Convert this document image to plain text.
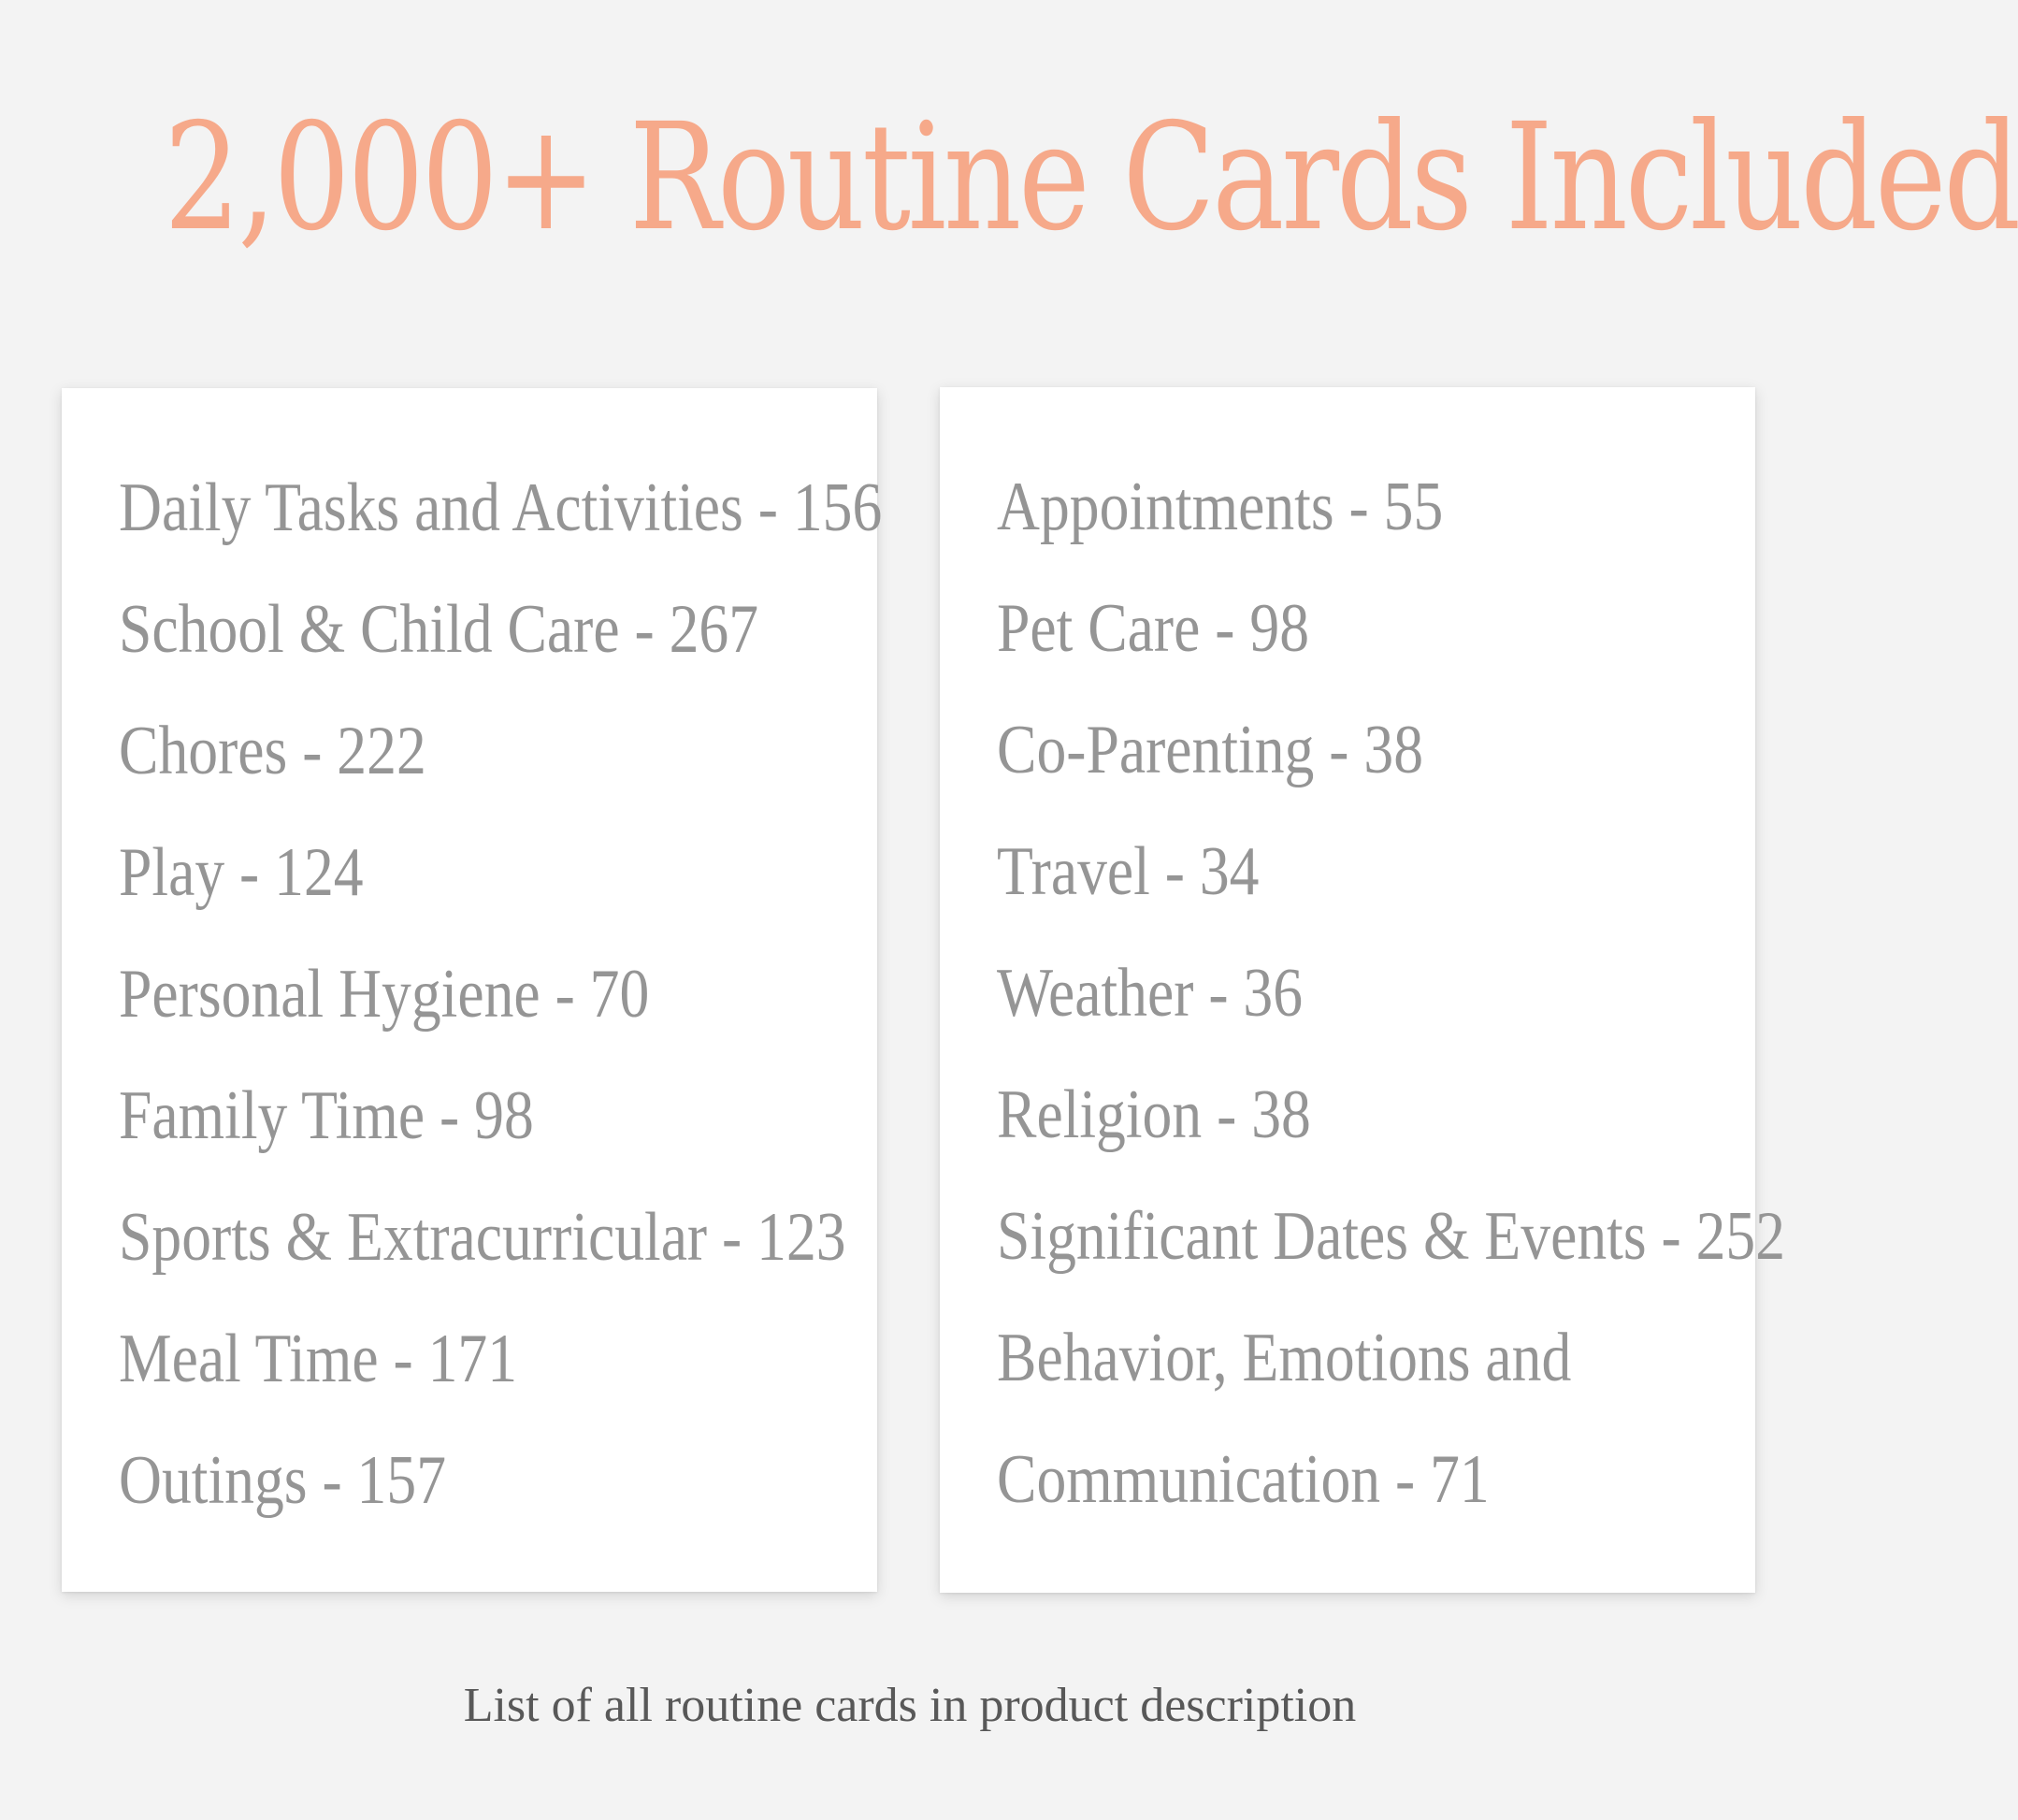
2,000+ Routine Cards Included
Daily Tasks and Activities - 156
School & Child Care - 267
Chores - 222
Play - 124
Personal Hygiene - 70
Family Time - 98
Sports & Extracurricular - 123
Meal Time - 171
Outings - 157
Appointments - 55
Pet Care - 98
Co-Parenting - 38
Travel - 34
Weather - 36
Religion - 38
Significant Dates & Events - 252
Behavior, Emotions and
Communication - 71
List of all routine cards in product description
